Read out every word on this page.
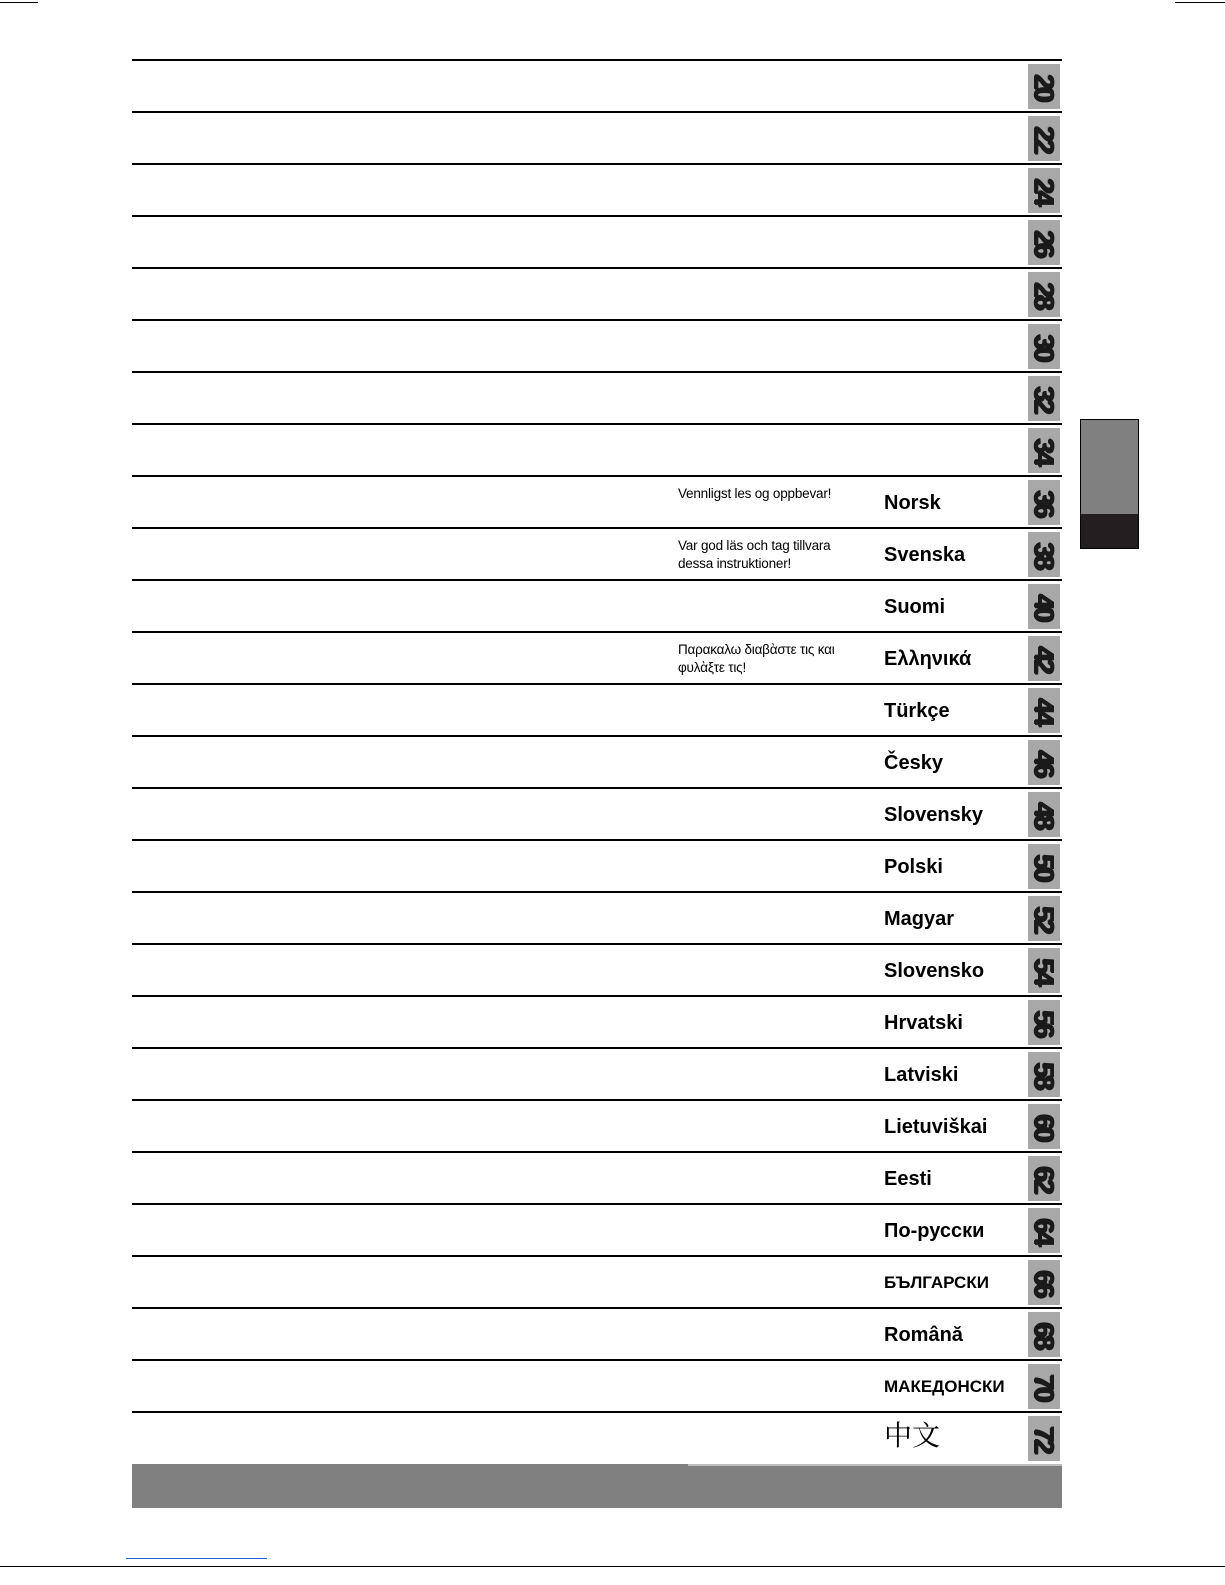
20
22
24
26
28
30
32
34
Vennligst les og oppbevar!	Norsk	36
Var god läs och tag tillvara dessa instruktioner!	Svenska 38
Suomi	40
Παρακαλω διαβὰστε τις και φυλὰξτε τις!	Ελληνικά 42
Türkçe	44
Česky	46
Slovensky 48
Polski	50
Magyar	52
Slovensko 54
Hrvatski 56
Latviski	58
Lietuviškai 60
Eesti	62
По-русски 64
БЪЛГАРСКИ 66
Română 68
МАКЕДОНСКИ 70
中文	72
